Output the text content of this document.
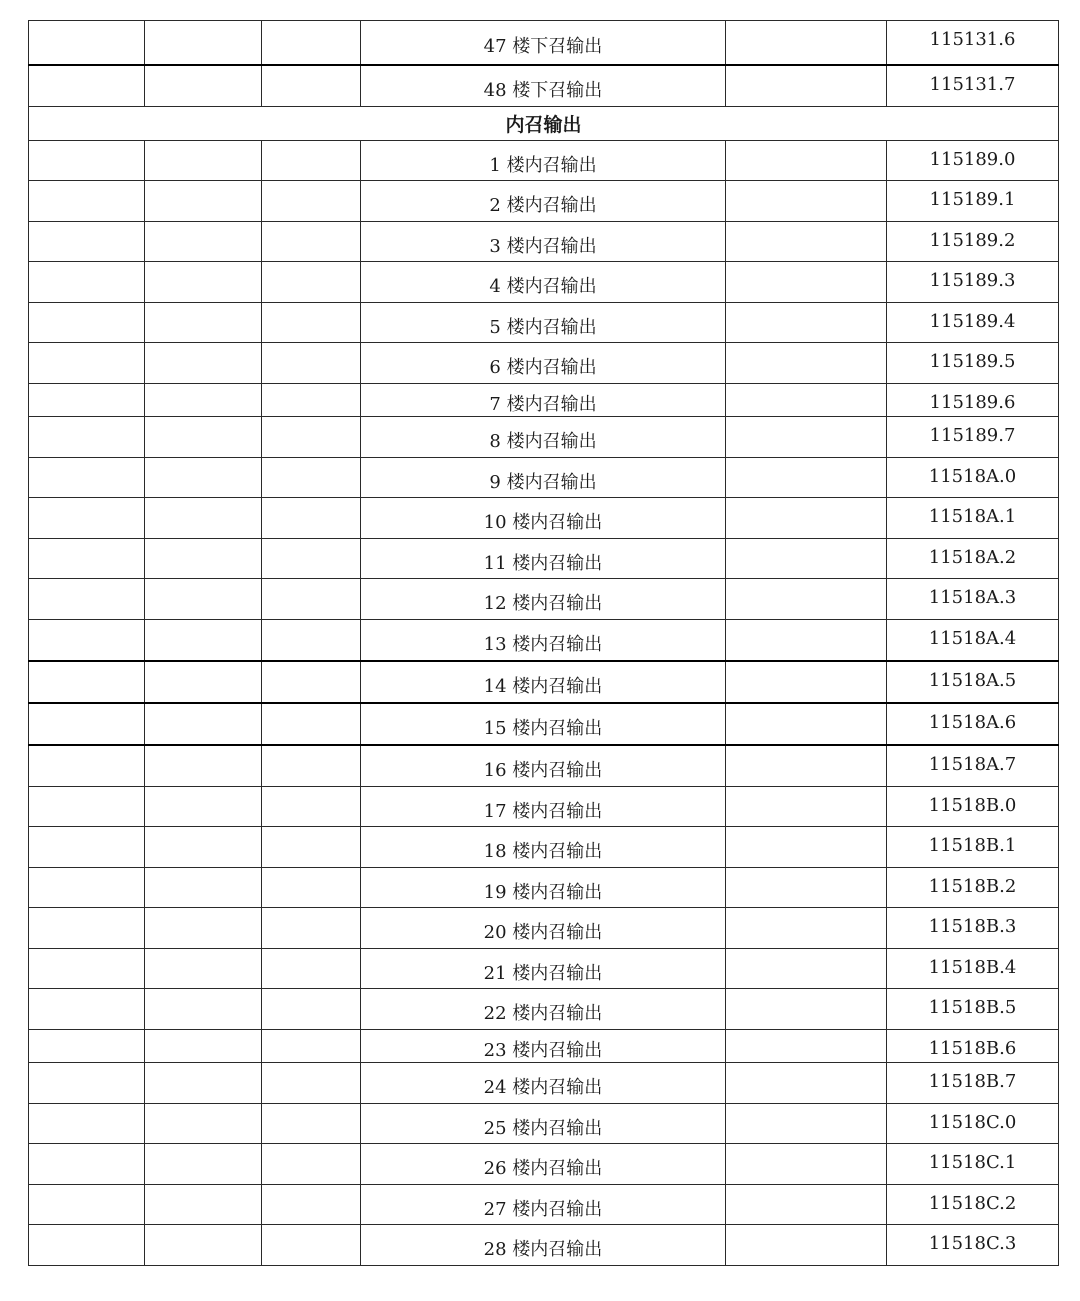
			47 楼下召输出		115131.6
			48 楼下召输出		115131.7
内召输出					
			1 楼内召输出		115189.0
			2 楼内召输出		115189.1
			3 楼内召输出		115189.2
			4 楼内召输出		115189.3
			5 楼内召输出		115189.4
			6 楼内召输出		115189.5
			7 楼内召输出		115189.6
			8 楼内召输出		115189.7
			9 楼内召输出		11518A.0
			10 楼内召输出		11518A.1
			11 楼内召输出		11518A.2
			12 楼内召输出		11518A.3
			13 楼内召输出		11518A.4
			14 楼内召输出		11518A.5
			15 楼内召输出		11518A.6
			16 楼内召输出		11518A.7
			17 楼内召输出		11518B.0
			18 楼内召输出		11518B.1
			19 楼内召输出		11518B.2
			20 楼内召输出		11518B.3
			21 楼内召输出		11518B.4
			22 楼内召输出		11518B.5
			23 楼内召输出		11518B.6
			24 楼内召输出		11518B.7
			25 楼内召输出		11518C.0
			26 楼内召输出		11518C.1
			27 楼内召输出		11518C.2
			28 楼内召输出		11518C.3
